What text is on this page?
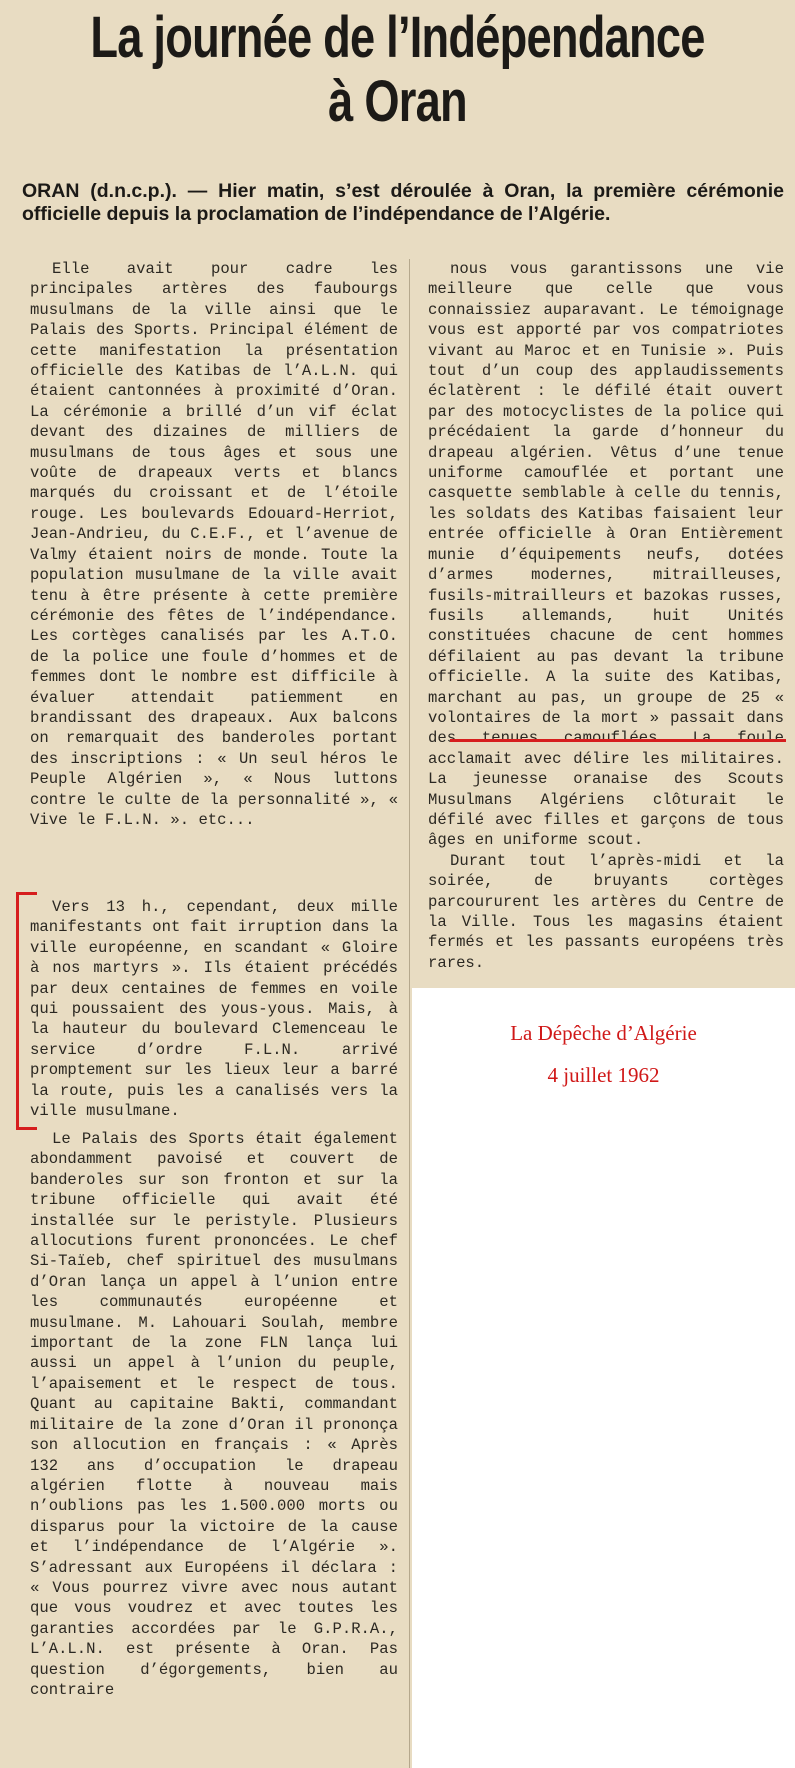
La journée de l’Indépendance
à Oran
ORAN (d.n.c.p.). — Hier matin, s’est déroulée à Oran, la première cérémonie officielle depuis la proclamation de l’indépendance de l’Algérie.

Elle avait pour cadre les principales artères des faubourgs musulmans de la ville ainsi que le Palais des Sports. Principal élément de cette manifestation la présentation officielle des Katibas de l’A.L.N. qui étaient cantonnées à proximité d’Oran. La cérémonie a brillé d’un vif éclat devant des dizaines de milliers de musulmans de tous âges et sous une voûte de drapeaux verts et blancs marqués du croissant et de l’étoile rouge. Les boulevards Edouard-Herriot, Jean-Andrieu, du C.E.F., et l’avenue de Valmy étaient noirs de monde. Toute la population musulmane de la ville avait tenu à être présente à cette première cérémonie des fêtes de l’indépendance. Les cortèges canalisés par les A.T.O. de la police une foule d’hommes et de femmes dont le nombre est difficile à évaluer attendait patiemment en brandissant des drapeaux. Aux balcons on remarquait des banderoles portant des inscriptions : « Un seul héros le Peuple Algérien », « Nous luttons contre le culte de la personnalité », « Vive le F.L.N. ». etc...

Vers 13 h., cependant, deux mille manifestants ont fait irruption dans la ville européenne, en scandant « Gloire à nos martyrs ». Ils étaient précédés par deux centaines de femmes en voile qui poussaient des yous-yous. Mais, à la hauteur du boulevard Clemenceau le service d’ordre F.L.N. arrivé promptement sur les lieux leur a barré la route, puis les a canalisés vers la ville musulmane.

Le Palais des Sports était également abondamment pavoisé et couvert de banderoles sur son fronton et sur la tribune officielle qui avait été installée sur le peristyle. Plusieurs allocutions furent prononcées. Le chef Si-Taïeb, chef spirituel des musulmans d’Oran lança un appel à l’union entre les communautés européenne et musulmane. M. Lahouari Soulah, membre important de la zone FLN lança lui aussi un appel à l’union du peuple, l’apaisement et le respect de tous. Quant au capitaine Bakti, commandant militaire de la zone d’Oran il prononça son allocution en français : « Après 132 ans d’occupation le drapeau algérien flotte à nouveau mais n’oublions pas les 1.500.000 morts ou disparus pour la victoire de la cause et l’indépendance de l’Algérie ». S’adressant aux Européens il déclara : « Vous pourrez vivre avec nous autant que vous voudrez et avec toutes les garanties accordées par le G.P.R.A., L’A.L.N. est présente à Oran. Pas question d’égorgements, bien au contraire

nous vous garantissons une vie meilleure que celle que vous connaissiez auparavant. Le témoignage vous est apporté par vos compatriotes vivant au Maroc et en Tunisie ». Puis tout d’un coup des applaudissements éclatèrent : le défilé était ouvert par des motocyclistes de la police qui précédaient la garde d’honneur du drapeau algérien. Vêtus d’une tenue uniforme camouflée et portant une casquette semblable à celle du tennis, les soldats des Katibas faisaient leur entrée officielle à Oran Entièrement munie d’équipements neufs, dotées d’armes modernes, mitrailleuses, fusils-mitrailleurs et bazokas russes, fusils allemands, huit Unités constituées chacune de cent hommes défilaient au pas devant la tribune officielle. A la suite des Katibas, marchant au pas, un groupe de 25 « volontaires de la mort » passait dans des tenues camouflées. La foule acclamait avec délire les militaires. La jeunesse oranaise des Scouts Musulmans Algériens clôturait le défilé avec filles et garçons de tous âges en uniforme scout.

Durant tout l’après-midi et la soirée, de bruyants cortèges parcoururent les artères du Centre de la Ville. Tous les magasins étaient fermés et les passants européens très rares.

La Dépêche d’Algérie
4 juillet 1962
